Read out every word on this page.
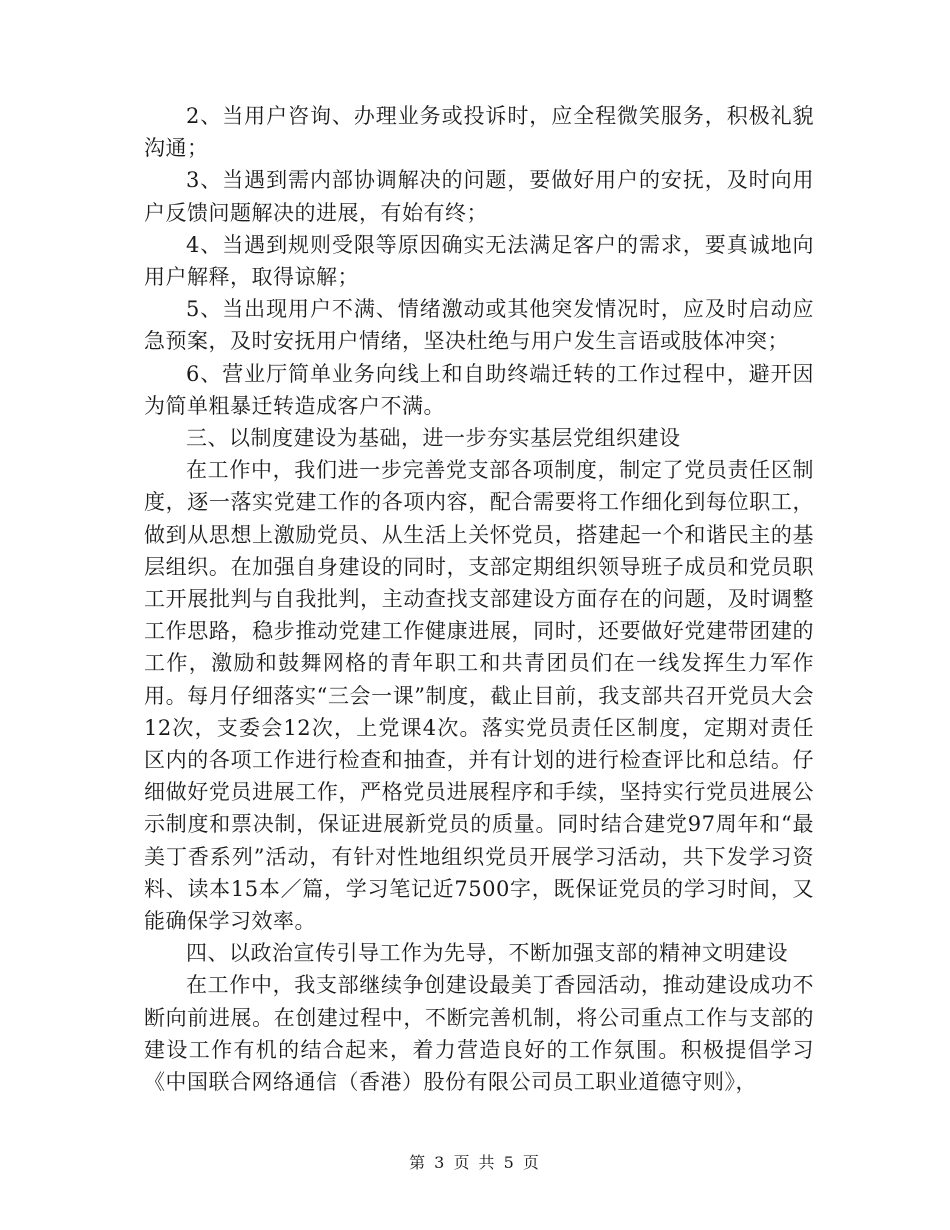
2、当用户咨询、办理业务或投诉时，应全程微笑服务，积极礼貌沟通；

3、当遇到需内部协调解决的问题，要做好用户的安抚，及时向用户反馈问题解决的进展，有始有终；

4、当遇到规则受限等原因确实无法满足客户的需求，要真诚地向用户解释，取得谅解；

5、当出现用户不满、情绪激动或其他突发情况时，应及时启动应急预案，及时安抚用户情绪，坚决杜绝与用户发生言语或肢体冲突；

6、营业厅简单业务向线上和自助终端迁转的工作过程中，避开因为简单粗暴迁转造成客户不满。

三、以制度建设为基础，进一步夯实基层党组织建设

在工作中，我们进一步完善党支部各项制度，制定了党员责任区制度，逐一落实党建工作的各项内容，配合需要将工作细化到每位职工，做到从思想上激励党员、从生活上关怀党员，搭建起一个和谐民主的基层组织。在加强自身建设的同时，支部定期组织领导班子成员和党员职工开展批判与自我批判，主动查找支部建设方面存在的问题，及时调整工作思路，稳步推动党建工作健康进展，同时，还要做好党建带团建的工作，激励和鼓舞网格的青年职工和共青团员们在一线发挥生力军作用。每月仔细落实“三会一课”制度，截止目前，我支部共召开党员大会12次，支委会12次，上党课4次。落实党员责任区制度，定期对责任区内的各项工作进行检查和抽查，并有计划的进行检查评比和总结。仔细做好党员进展工作，严格党员进展程序和手续，坚持实行党员进展公示制度和票决制，保证进展新党员的质量。同时结合建党97周年和“最美丁香系列”活动，有针对性地组织党员开展学习活动，共下发学习资料、读本15本／篇，学习笔记近7500字，既保证党员的学习时间，又能确保学习效率。

四、以政治宣传引导工作为先导，不断加强支部的精神文明建设

在工作中，我支部继续争创建设最美丁香园活动，推动建设成功不断向前进展。在创建过程中，不断完善机制，将公司重点工作与支部的建设工作有机的结合起来，着力营造良好的工作氛围。积极提倡学习《中国联合网络通信（香港）股份有限公司员工职业道德守则》，

第 3 页 共 5 页
